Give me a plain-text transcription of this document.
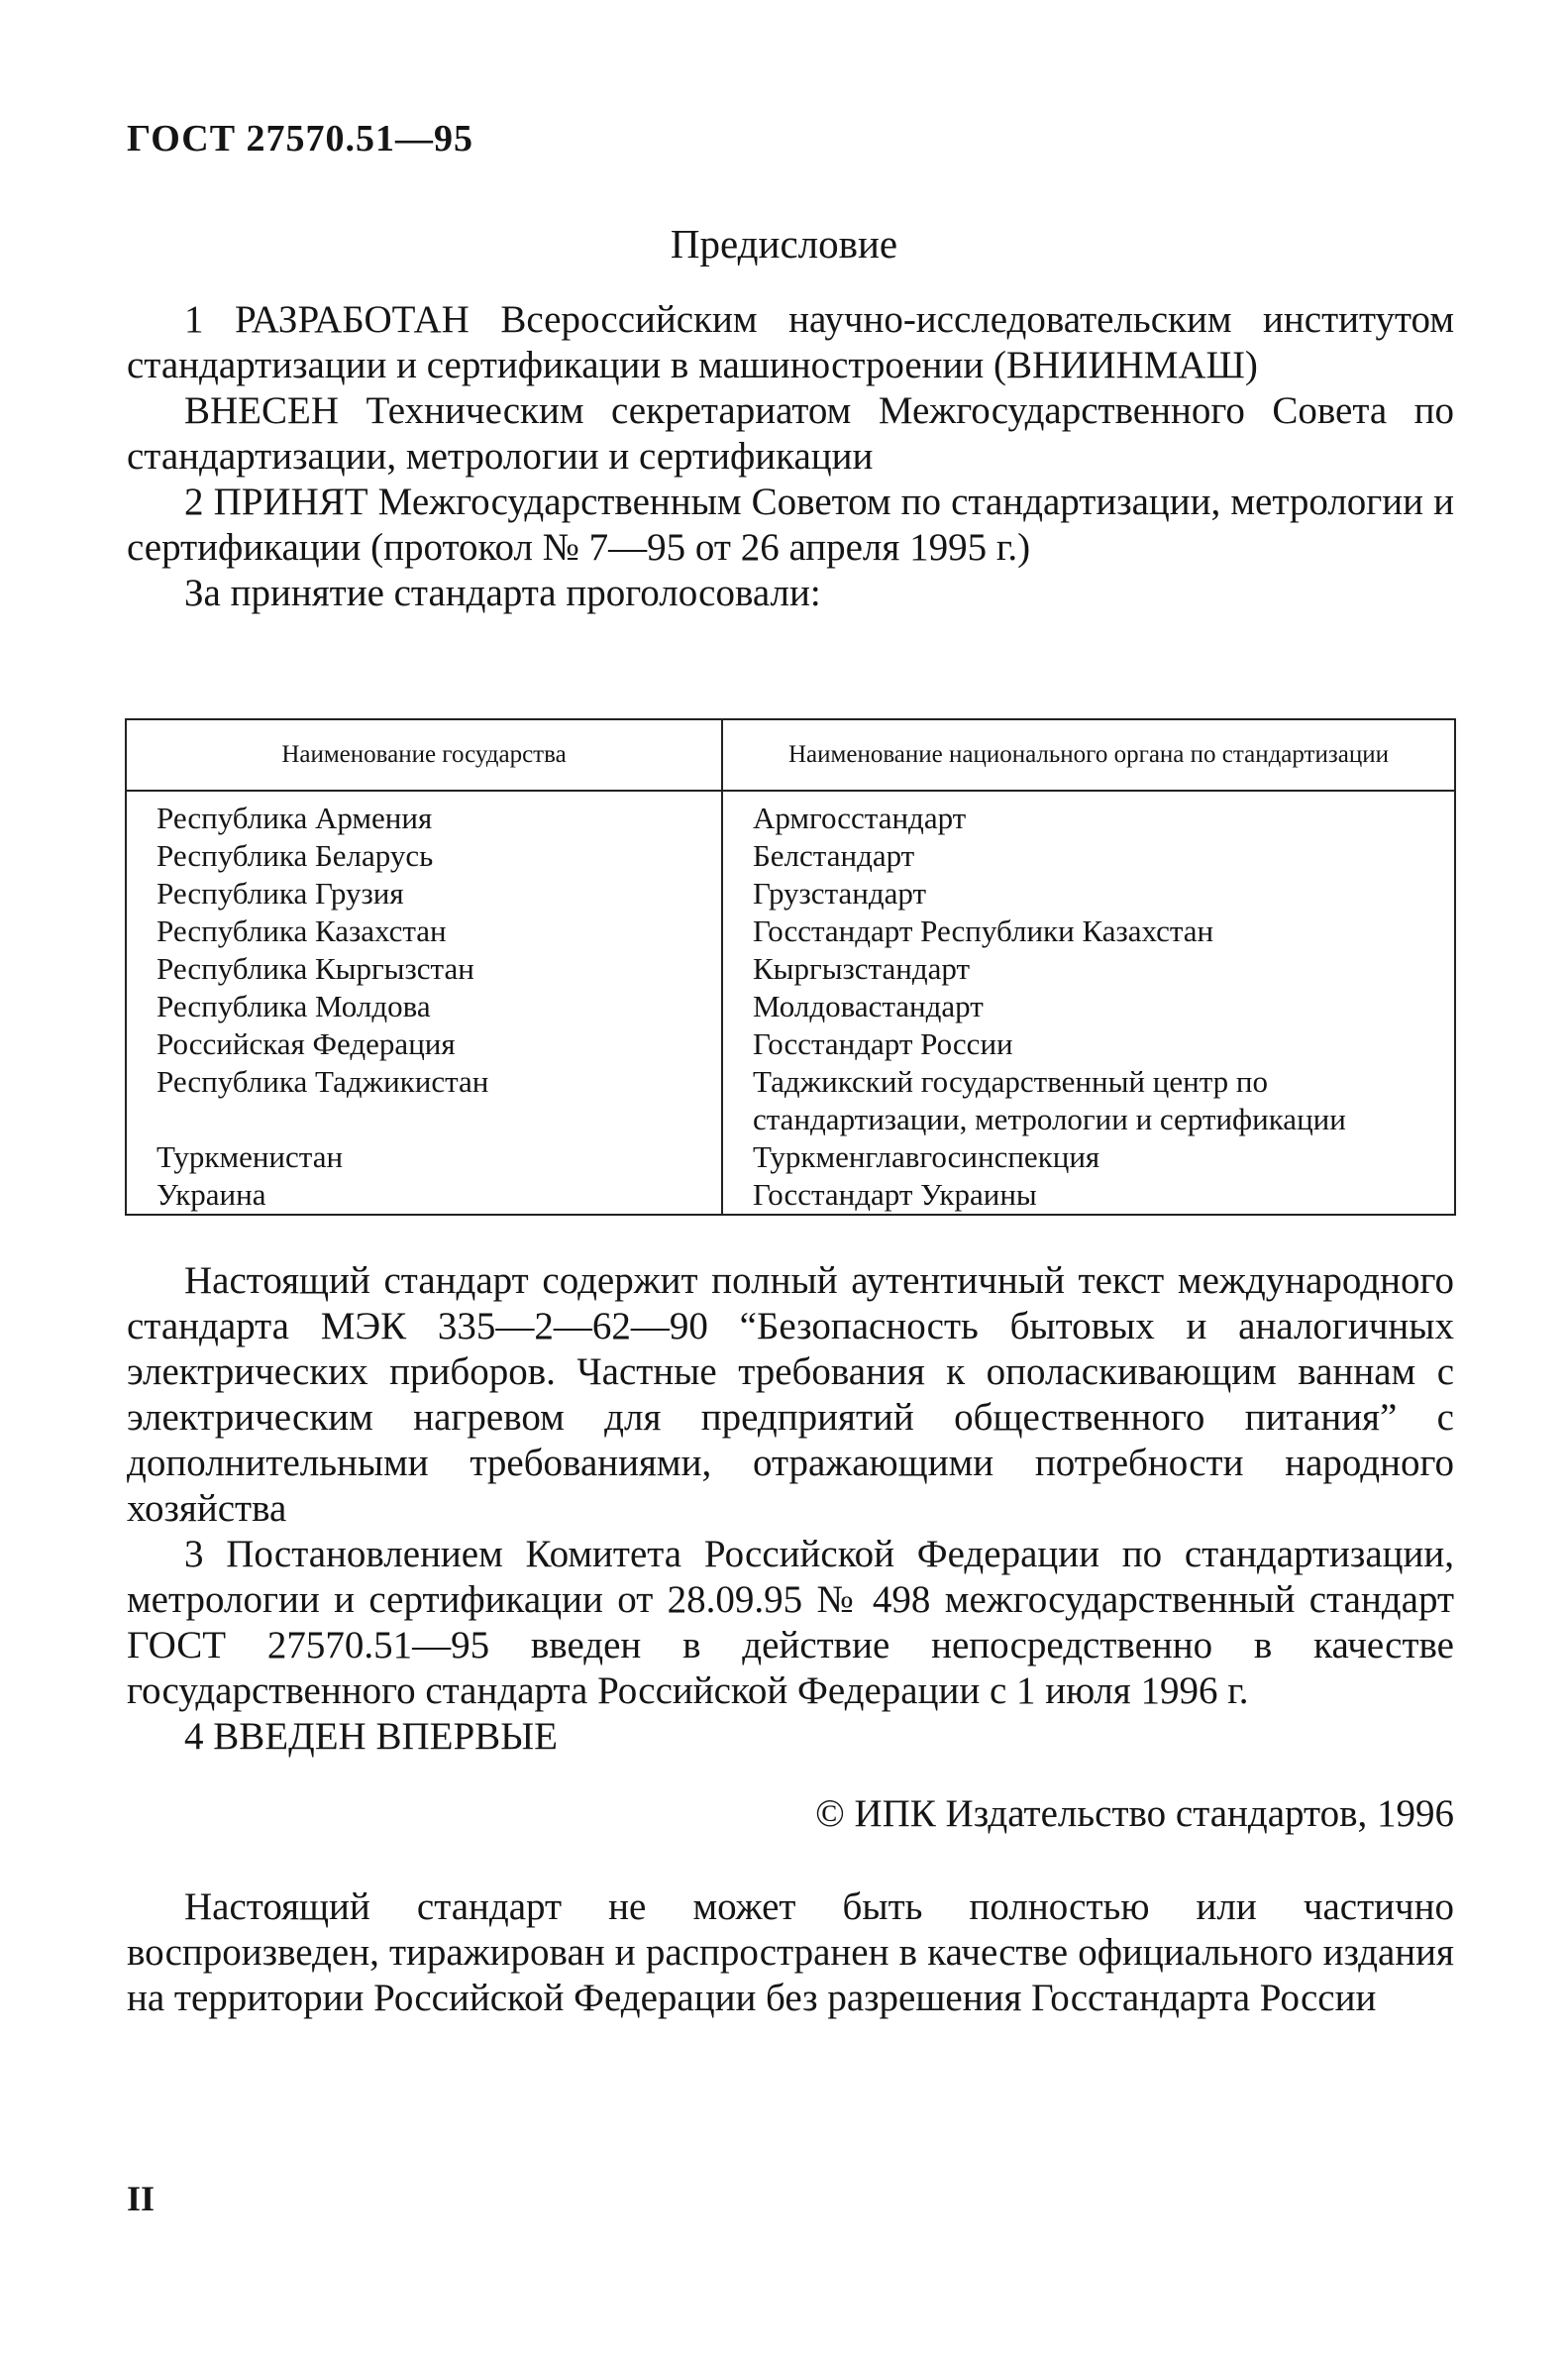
ГОСТ 27570.51—95
Предисловие

1 РАЗРАБОТАН Всероссийским научно-исследовательским институтом стандартизации и сертификации в машиностроении (ВНИИНМАШ)

ВНЕСЕН Техническим секретариатом Межгосударственного Совета по стандартизации, метрологии и сертификации

2 ПРИНЯТ Межгосударственным Советом по стандартизации, метрологии и сертификации (протокол № 7—95 от 26 апреля 1995 г.)

За принятие стандарта проголосовали:

Наименование государства	Наименование национального органа по стандартизации
Республика Армения	Армгосстандарт
Республика Беларусь	Белстандарт
Республика Грузия	Грузстандарт
Республика Казахстан	Госстандарт Республики Казахстан
Республика Кыргызстан	Кыргызстандарт
Республика Молдова	Молдовастандарт
Российская Федерация	Госстандарт России
Республика Таджикистан	Таджикский государственный центр по
	стандартизации, метрологии и сертификации
Туркменистан	Туркменглавгосинспекция
Украина	Госстандарт Украины

Настоящий стандарт содержит полный аутентичный текст международного стандарта МЭК 335—2—62—90 “Безопасность бытовых и аналогичных электрических приборов. Частные требования к ополаскивающим ваннам с электрическим нагревом для предприятий общественного питания” с дополнительными требованиями, отражающими потребности народного хозяйства

3 Постановлением Комитета Российской Федерации по стандартизации, метрологии и сертификации от 28.09.95 № 498 межгосударственный стандарт ГОСТ 27570.51—95 введен в действие непосредственно в качестве государственного стандарта Российской Федерации с 1 июля 1996 г.

4 ВВЕДЕН ВПЕРВЫЕ

© ИПК Издательство стандартов, 1996

Настоящий стандарт не может быть полностью или частично воспроизведен, тиражирован и распространен в качестве официального издания на территории Российской Федерации без разрешения Госстандарта России

II
